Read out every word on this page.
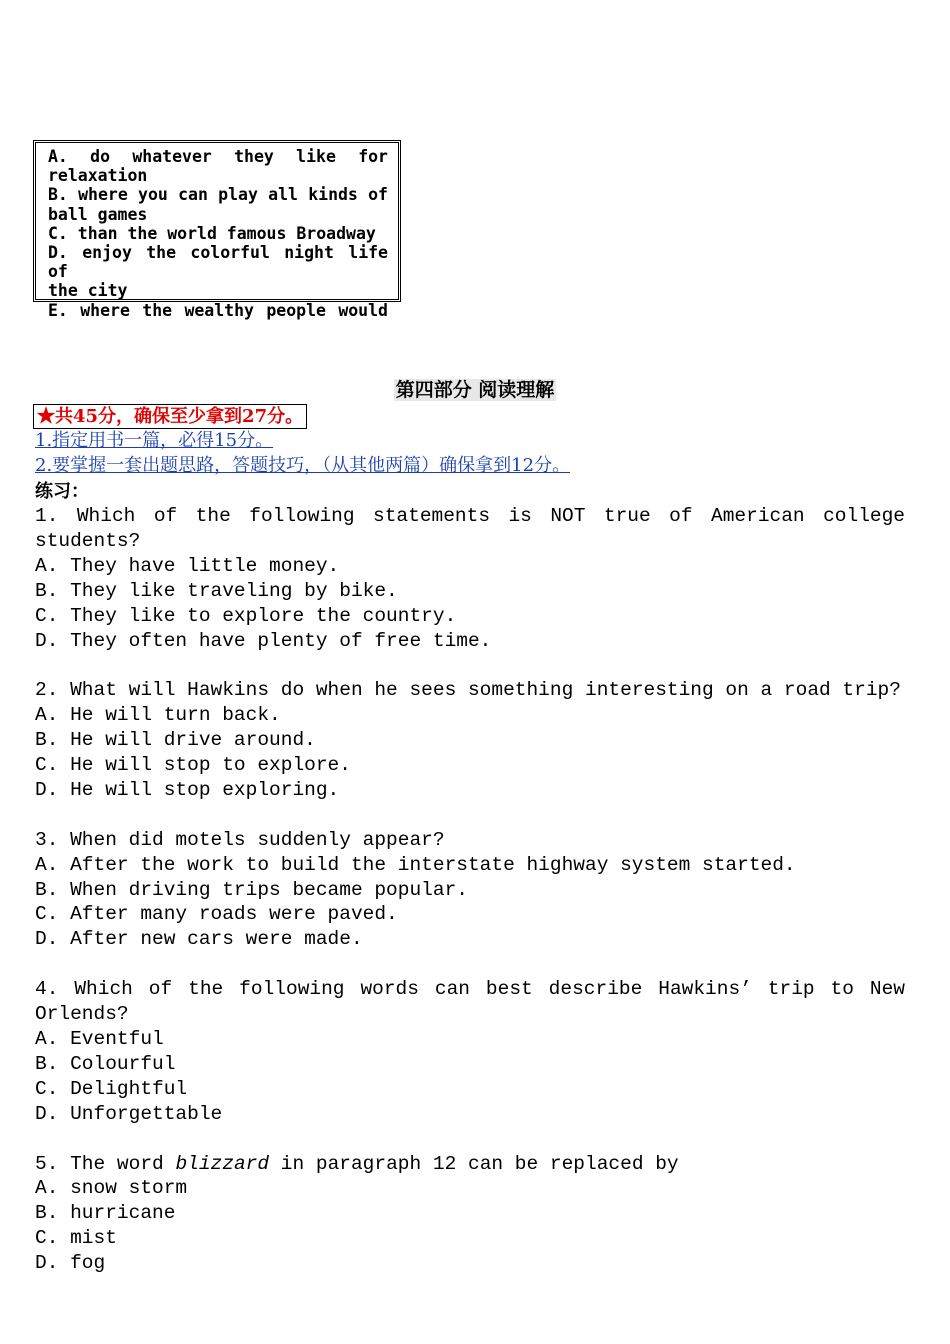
A. do whatever they like for
relaxation
B. where you can play all kinds of
ball games
C. than the world famous Broadway
D. enjoy the colorful night life of
the city
E. where the wealthy people would
第四部分 阅读理解
★共45分，确保至少拿到27分。
1.指定用书一篇，必得15分。
2.要掌握一套出题思路，答题技巧，（从其他两篇）确保拿到12分。
练习：
1. Which of the following statements is NOT true of American college students?
A. They have little money.
B. They like traveling by bike.
C. They like to explore the country.
D. They often have plenty of free time.
2. What will Hawkins do when he sees something interesting on a road trip?
A. He will turn back.
B. He will drive around.
C. He will stop to explore.
D. He will stop exploring.
3. When did motels suddenly appear?
A. After the work to build the interstate highway system started.
B. When driving trips became popular.
C. After many roads were paved.
D. After new cars were made.
4. Which of the following words can best describe Hawkins’ trip to New Orlends?
A. Eventful
B. Colourful
C. Delightful
D. Unforgettable
5. The word blizzard in paragraph 12 can be replaced by
A. snow storm
B. hurricane
C. mist
D. fog
